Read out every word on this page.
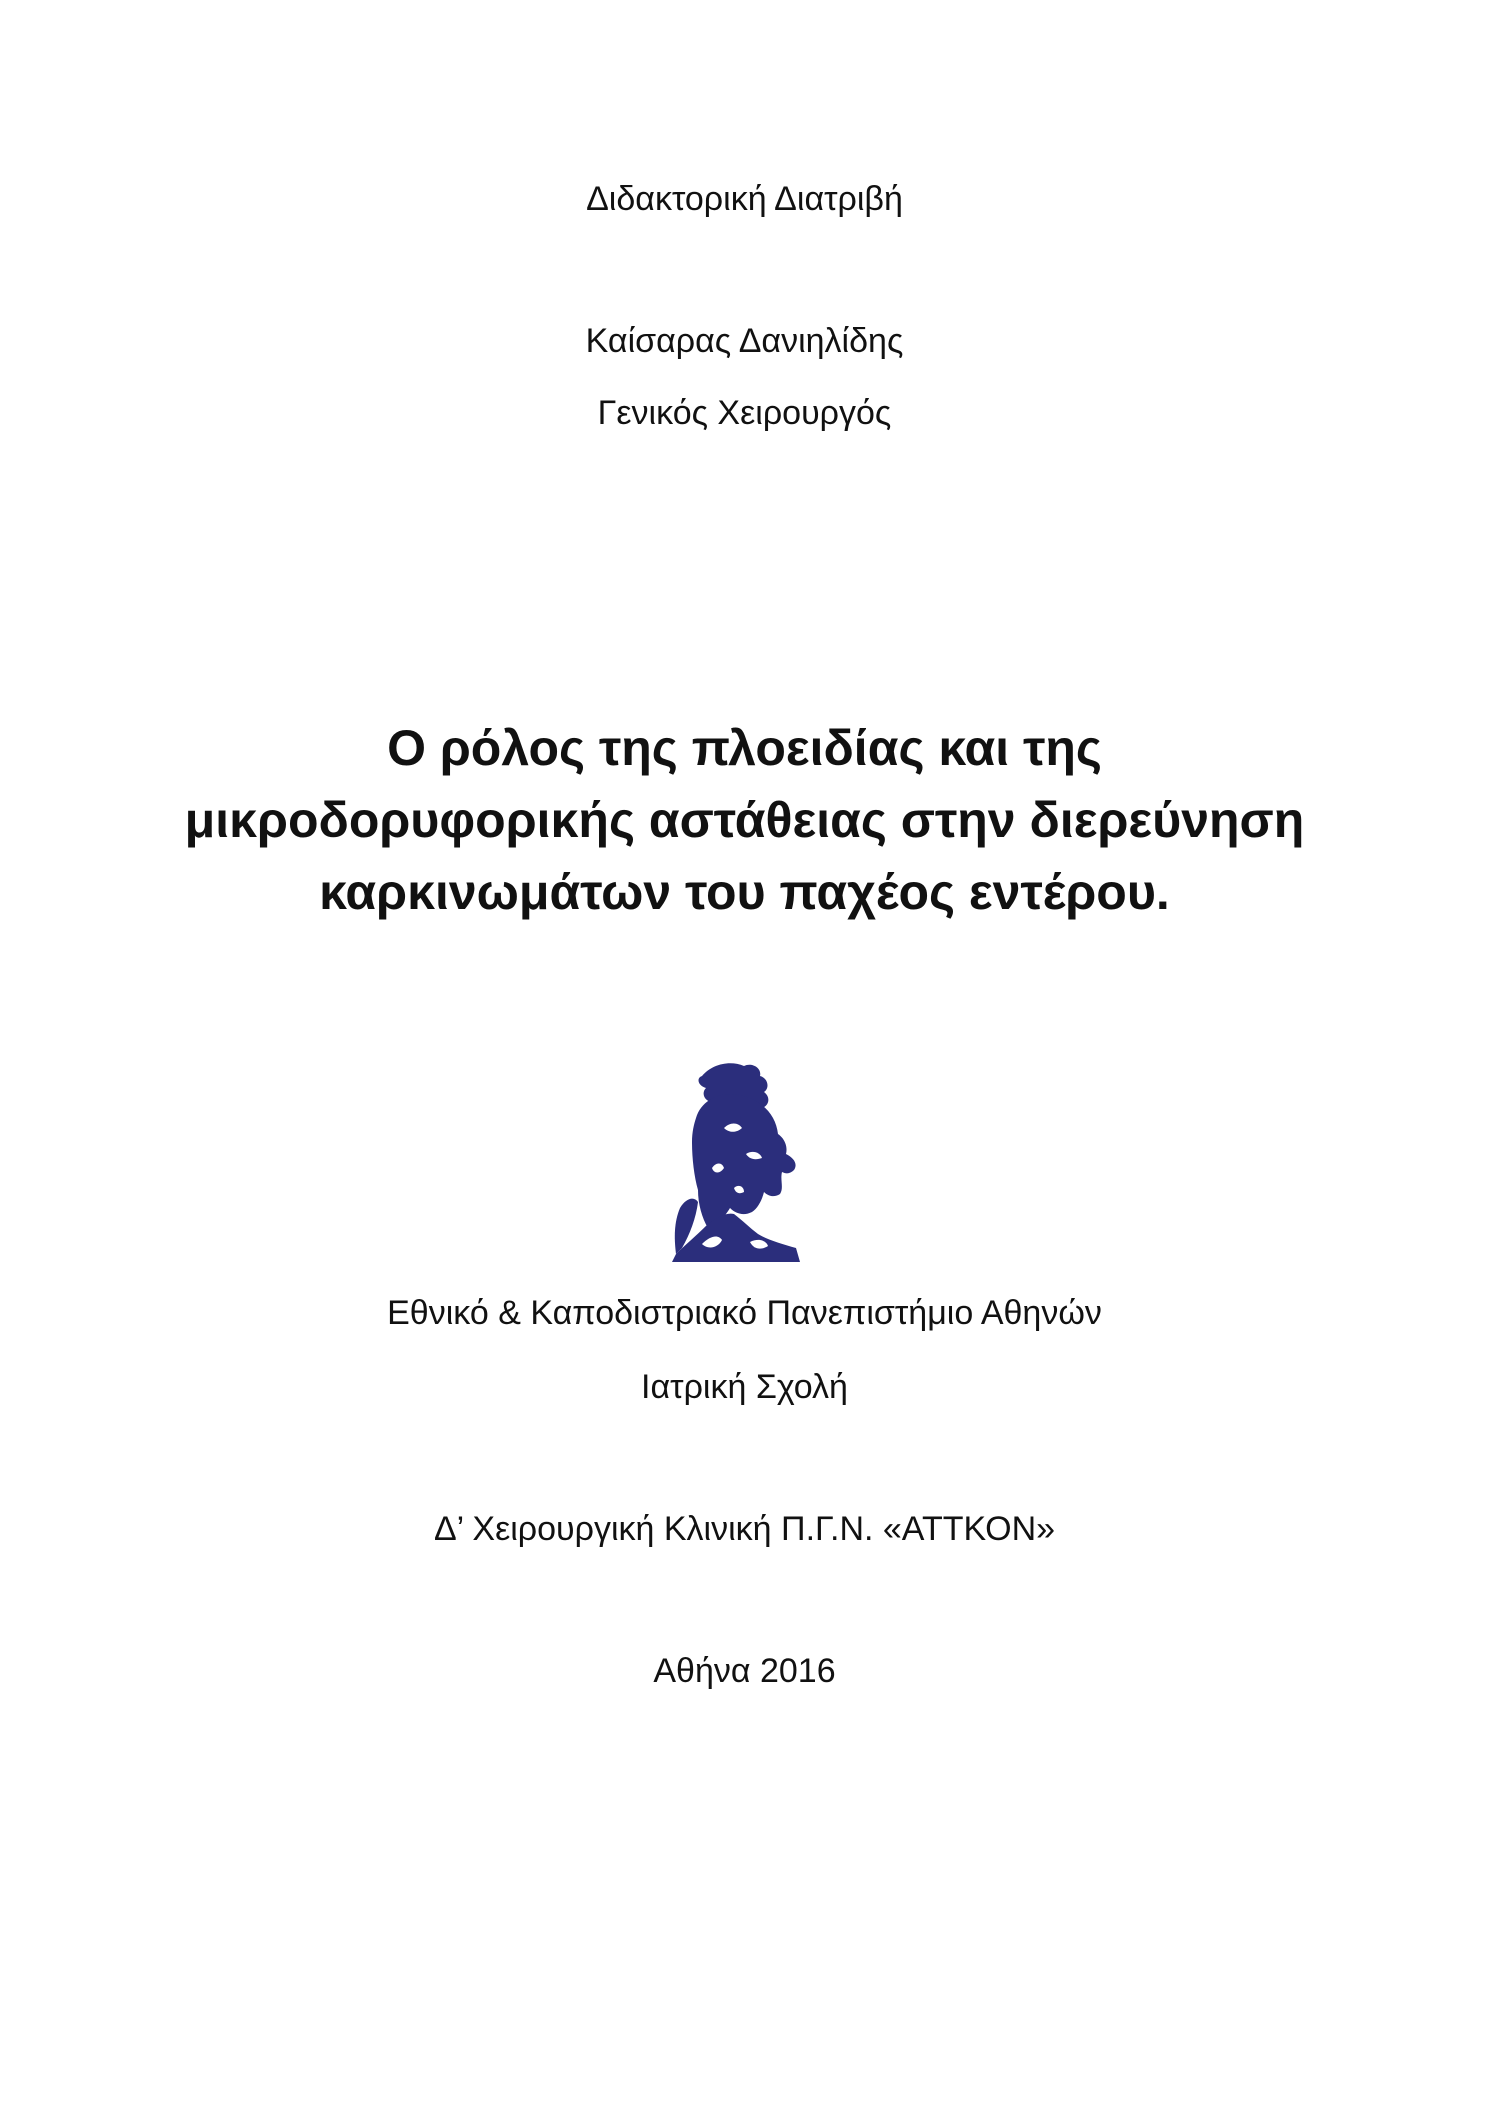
Διδακτορική Διατριβή

Καίσαρας Δανιηλίδης

Γενικός Χειρουργός

Ο ρόλος της πλοειδίας και της
μικροδορυφορικής αστάθειας στην διερεύνηση
καρκινωμάτων του παχέος εντέρου.

Εθνικό & Καποδιστριακό Πανεπιστήμιο Αθηνών

Ιατρική Σχολή

Δ’ Χειρουργική Κλινική Π.Γ.Ν. «ΑΤΤΚΟΝ»

Αθήνα 2016
